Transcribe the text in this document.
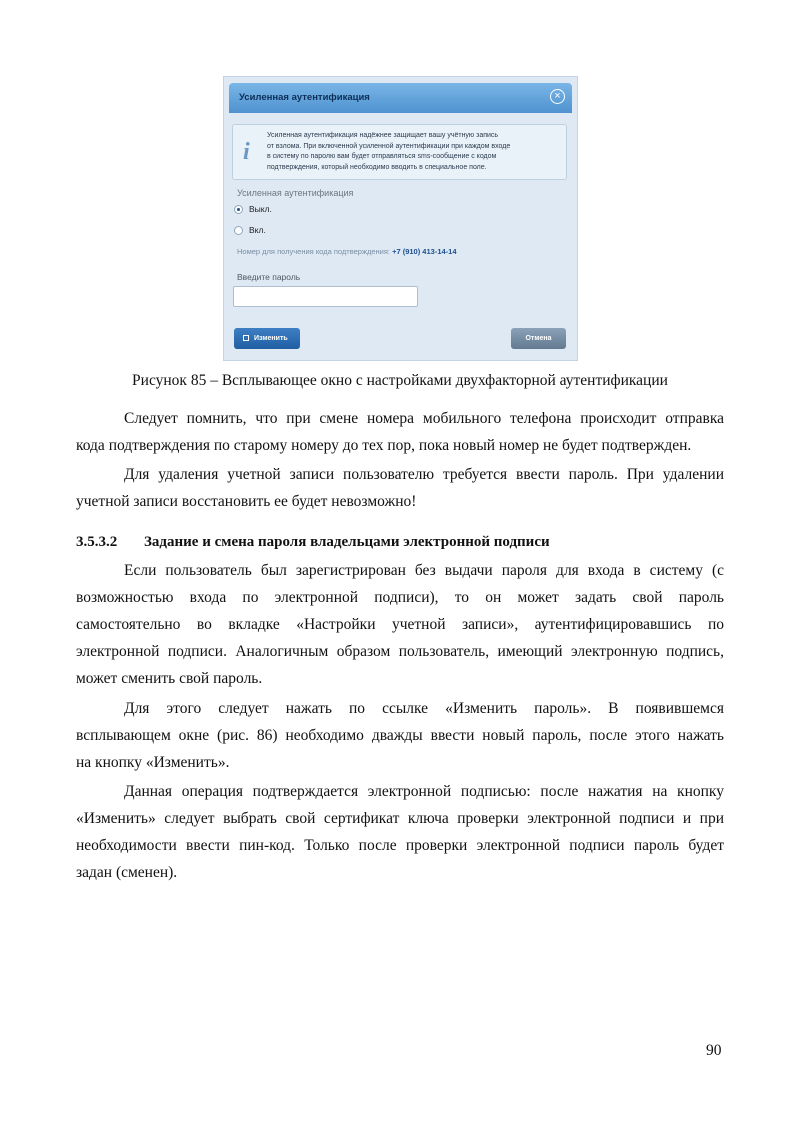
Усиленная аутентификация	×
i
Усиленная аутентификация надёжнее защищает вашу учётную запись
от взлома. При включенной усиленной аутентификации при каждом входе
в систему по паролю вам будет отправляться sms-сообщение с кодом
подтверждения, который необходимо вводить в специальное поле.
Усиленная аутентификация
Выкл.
Вкл.
Номер для получения кода подтверждения: +7 (910) 413-14-14
Введите пароль
Изменить	Отмена
Рисунок 85 – Всплывающее окно с настройками двухфакторной аутентификации
Следует помнить, что при смене номера мобильного телефона происходит отправка
кода подтверждения по старому номеру до тех пор, пока новый номер не будет подтвержден.
Для удаления учетной записи пользователю требуется ввести пароль. При удалении
учетной записи восстановить ее будет невозможно!
3.5.3.2 Задание и смена пароля владельцами электронной подписи
Если пользователь был зарегистрирован без выдачи пароля для входа в систему (с
возможностью входа по электронной подписи), то он может задать свой пароль
самостоятельно во вкладке «Настройки учетной записи», аутентифицировавшись по
электронной подписи. Аналогичным образом пользователь, имеющий электронную подпись,
может сменить свой пароль.
Для этого следует нажать по ссылке «Изменить пароль». В появившемся
всплывающем окне (рис. 86) необходимо дважды ввести новый пароль, после этого нажать
на кнопку «Изменить».
Данная операция подтверждается электронной подписью: после нажатия на кнопку
«Изменить» следует выбрать свой сертификат ключа проверки электронной подписи и при
необходимости ввести пин-код. Только после проверки электронной подписи пароль будет
задан (сменен).
90
